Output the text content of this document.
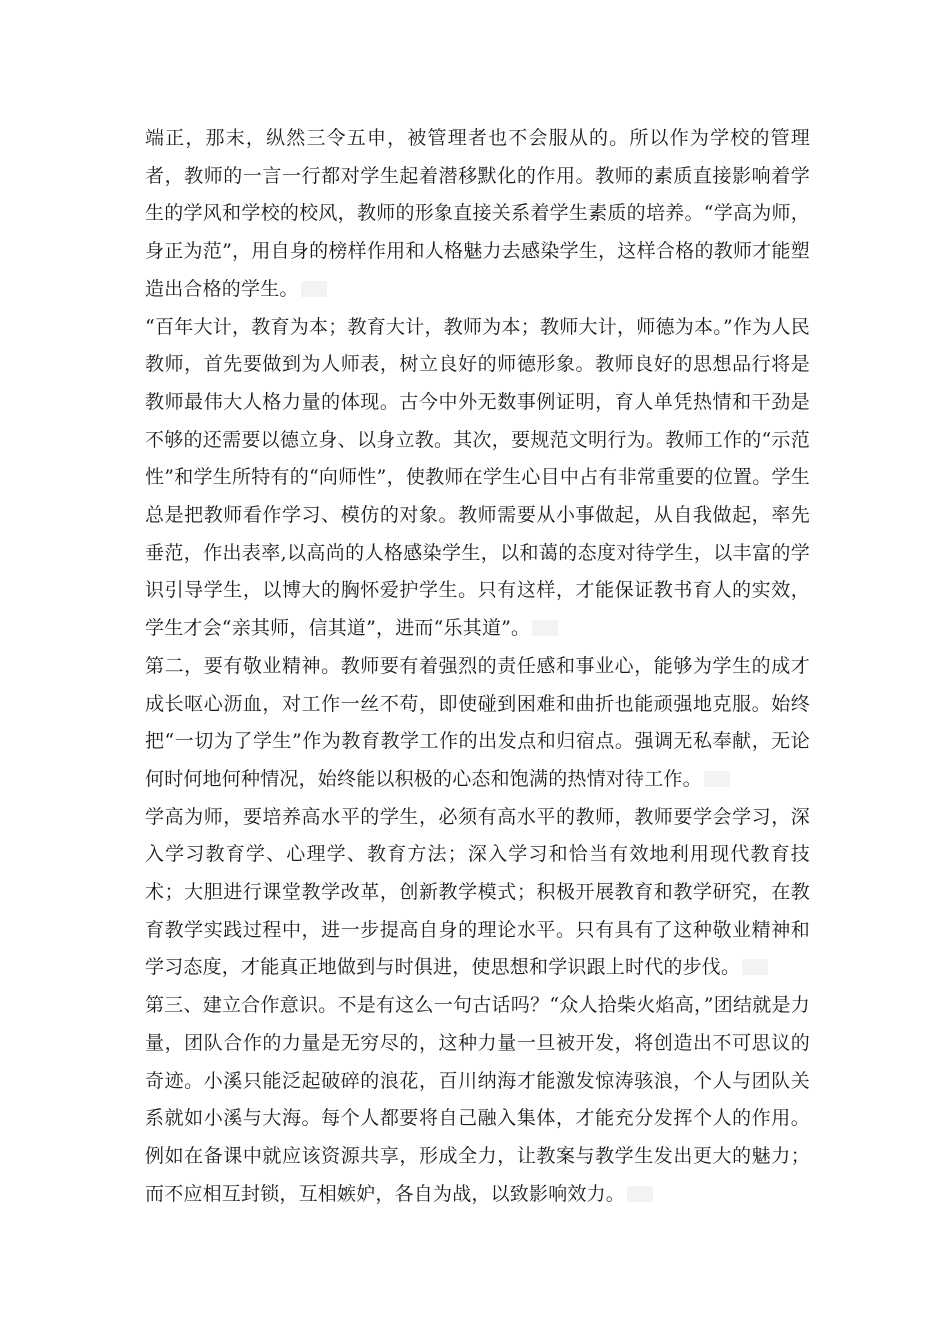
端正，那末，纵然三令五申，被管理者也不会服从的。所以作为学校的管理者，教师的一言一行都对学生起着潜移默化的作用。教师的素质直接影响着学生的学风和学校的校风，教师的形象直接关系着学生素质的培养。“学高为师，身正为范”，用自身的榜样作用和人格魅力去感染学生，这样合格的教师才能塑造出合格的学生。

“百年大计，教育为本；教育大计，教师为本；教师大计，师德为本。”作为人民教师，首先要做到为人师表，树立良好的师德形象。教师良好的思想品行将是教师最伟大人格力量的体现。古今中外无数事例证明，育人单凭热情和干劲是不够的还需要以德立身、以身立教。其次，要规范文明行为。教师工作的“示范性”和学生所特有的“向师性”，使教师在学生心目中占有非常重要的位置。学生总是把教师看作学习、模仿的对象。教师需要从小事做起，从自我做起，率先垂范，作出表率,以高尚的人格感染学生，以和蔼的态度对待学生，以丰富的学识引导学生，以博大的胸怀爱护学生。只有这样，才能保证教书育人的实效，学生才会“亲其师，信其道”，进而“乐其道”。

第二，要有敬业精神。教师要有着强烈的责任感和事业心，能够为学生的成才成长呕心沥血，对工作一丝不苟，即使碰到困难和曲折也能顽强地克服。始终把“一切为了学生”作为教育教学工作的出发点和归宿点。强调无私奉献，无论何时何地何种情况，始终能以积极的心态和饱满的热情对待工作。

学高为师，要培养高水平的学生，必须有高水平的教师，教师要学会学习，深入学习教育学、心理学、教育方法；深入学习和恰当有效地利用现代教育技术；大胆进行课堂教学改革，创新教学模式；积极开展教育和教学研究，在教育教学实践过程中，进一步提高自身的理论水平。只有具有了这种敬业精神和学习态度，才能真正地做到与时俱进，使思想和学识跟上时代的步伐。

第三、建立合作意识。不是有这么一句古话吗？“众人拾柴火焰高，”团结就是力量，团队合作的力量是无穷尽的，这种力量一旦被开发，将创造出不可思议的奇迹。小溪只能泛起破碎的浪花，百川纳海才能激发惊涛骇浪，个人与团队关系就如小溪与大海。每个人都要将自己融入集体，才能充分发挥个人的作用。例如在备课中就应该资源共享，形成全力，让教案与教学生发出更大的魅力；而不应相互封锁，互相嫉妒，各自为战，以致影响效力。
